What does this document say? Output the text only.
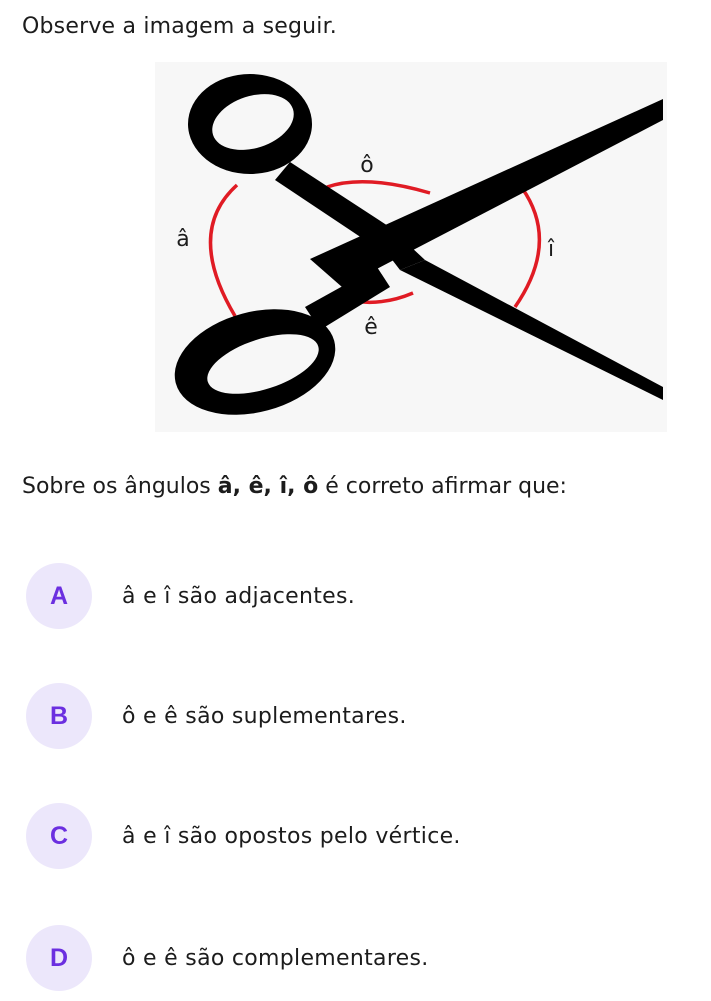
Observe a imagem a seguir.

ô
â	î
ê

Sobre os ângulos â, ê, î, ô é correto afirmar que:

A	â e î são adjacentes.
B	ô e ê são suplementares.
C	â e î são opostos pelo vértice.
D	ô e ê são complementares.
